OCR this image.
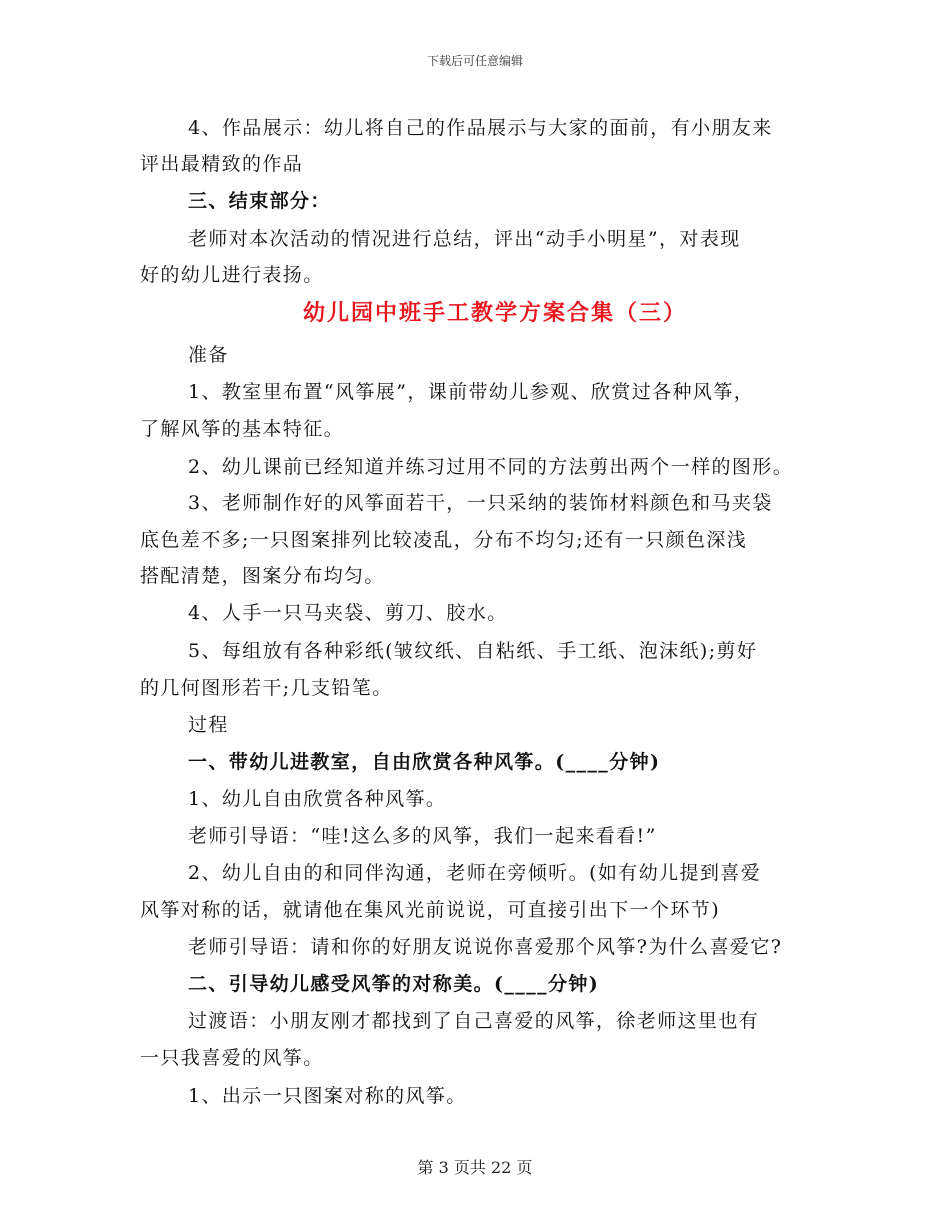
下载后可任意编辑
4、作品展示：幼儿将自己的作品展示与大家的面前，有小朋友来
评出最精致的作品
三、结束部分：
老师对本次活动的情况进行总结，评出“动手小明星”，对表现
好的幼儿进行表扬。
幼儿园中班手工教学方案合集（三）
准备
1、教室里布置“风筝展”，课前带幼儿参观、欣赏过各种风筝，
了解风筝的基本特征。
2、幼儿课前已经知道并练习过用不同的方法剪出两个一样的图形。
3、老师制作好的风筝面若干，一只采纳的装饰材料颜色和马夹袋
底色差不多;一只图案排列比较凌乱，分布不均匀;还有一只颜色深浅
搭配清楚，图案分布均匀。
4、人手一只马夹袋、剪刀、胶水。
5、每组放有各种彩纸(皱纹纸、自粘纸、手工纸、泡沫纸);剪好
的几何图形若干;几支铅笔。
过程
一、带幼儿进教室，自由欣赏各种风筝。(____分钟)
1、幼儿自由欣赏各种风筝。
老师引导语：“哇!这么多的风筝，我们一起来看看!”
2、幼儿自由的和同伴沟通，老师在旁倾听。(如有幼儿提到喜爱
风筝对称的话，就请他在集风光前说说，可直接引出下一个环节)
老师引导语：请和你的好朋友说说你喜爱那个风筝?为什么喜爱它?
二、引导幼儿感受风筝的对称美。(____分钟)
过渡语：小朋友刚才都找到了自己喜爱的风筝，徐老师这里也有
一只我喜爱的风筝。
1、出示一只图案对称的风筝。
第 3 页共 22 页
